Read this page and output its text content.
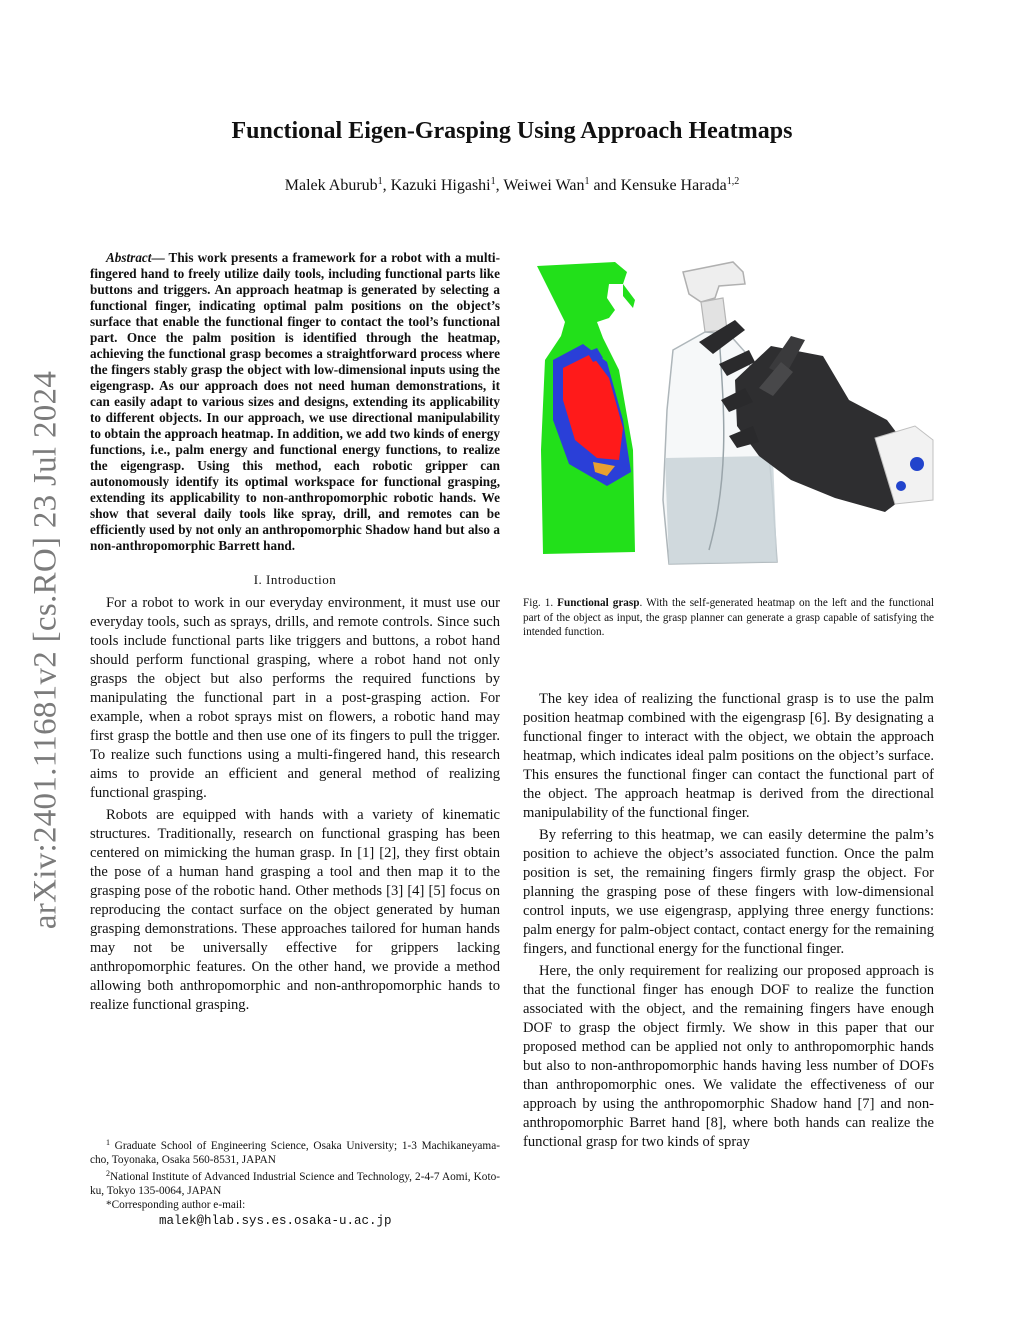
arXiv:2401.11681v2 [cs.RO] 23 Jul 2024
Functional Eigen-Grasping Using Approach Heatmaps
Malek Aburub$^1$, Kazuki Higashi$^1$, Weiwei Wan$^1$ and Kensuke Harada$^{1,2}$

Abstract— This work presents a framework for a robot with a multi-fingered hand to freely utilize daily tools, including functional parts like buttons and triggers. An approach heatmap is generated by selecting a functional finger, indicating optimal palm positions on the object’s surface that enable the functional finger to contact the tool’s functional part. Once the palm position is identified through the heatmap, achieving the functional grasp becomes a straightforward process where the fingers stably grasp the object with low-dimensional inputs using the eigengrasp. As our approach does not need human demonstrations, it can easily adapt to various sizes and designs, extending its applicability to different objects. In our approach, we use directional manipulability to obtain the approach heatmap. In addition, we add two kinds of energy functions, i.e., palm energy and functional energy functions, to realize the eigengrasp. Using this method, each robotic gripper can autonomously identify its optimal workspace for functional grasping, extending its applicability to non-anthropomorphic robotic hands. We show that several daily tools like spray, drill, and remotes can be efficiently used by not only an anthropomorphic Shadow hand but also a non-anthropomorphic Barrett hand.

I. Introduction

For a robot to work in our everyday environment, it must use our everyday tools, such as sprays, drills, and remote controls. Since such tools include functional parts like triggers and buttons, a robot hand should perform functional grasping, where a robot hand not only grasps the object but also performs the required functions by manipulating the functional part in a post-grasping action. For example, when a robot sprays mist on flowers, a robotic hand may first grasp the bottle and then use one of its fingers to pull the trigger. To realize such functions using a multi-fingered hand, this research aims to provide an efficient and general method of realizing functional grasping.

Robots are equipped with hands with a variety of kinematic structures. Traditionally, research on functional grasping has been centered on mimicking the human grasp. In [1] [2], they first obtain the pose of a human hand grasping a tool and then map it to the grasping pose of the robotic hand. Other methods [3] [4] [5] focus on reproducing the contact surface on the object generated by human grasping demonstrations. These approaches tailored for human hands may not be universally effective for grippers lacking anthropomorphic features. On the other hand, we provide a method allowing both anthropomorphic and non-anthropomorphic hands to realize functional grasping.

$^1$ Graduate School of Engineering Science, Osaka University; 1-3 Machikaneyama-cho, Toyonaka, Osaka 560-8531, JAPAN

$^2$National Institute of Advanced Industrial Science and Technology, 2-4-7 Aomi, Koto-ku, Tokyo 135-0064, JAPAN

*Corresponding author e-mail:

malek@hlab.sys.es.osaka-u.ac.jp

Fig. 1. Functional grasp. With the self-generated heatmap on the left and the functional part of the object as input, the grasp planner can generate a grasp capable of satisfying the intended function.

The key idea of realizing the functional grasp is to use the palm position heatmap combined with the eigengrasp [6]. By designating a functional finger to interact with the object, we obtain the approach heatmap, which indicates ideal palm positions on the object’s surface. This ensures the functional finger can contact the functional part of the object. The approach heatmap is derived from the directional manipulability of the functional finger.

By referring to this heatmap, we can easily determine the palm’s position to achieve the object’s associated function. Once the palm position is set, the remaining fingers firmly grasp the object. For planning the grasping pose of these fingers with low-dimensional control inputs, we use eigengrasp, applying three energy functions: palm energy for palm-object contact, contact energy for the remaining fingers, and functional energy for the functional finger.

Here, the only requirement for realizing our proposed approach is that the functional finger has enough DOF to realize the function associated with the object, and the remaining fingers have enough DOF to grasp the object firmly. We show in this paper that our proposed method can be applied not only to anthropomorphic hands but also to non-anthropomorphic hands having less number of DOFs than anthropomorphic ones. We validate the effectiveness of our approach by using the anthropomorphic Shadow hand [7] and non-anthropomorphic Barret hand [8], where both hands can realize the functional grasp for two kinds of spray
